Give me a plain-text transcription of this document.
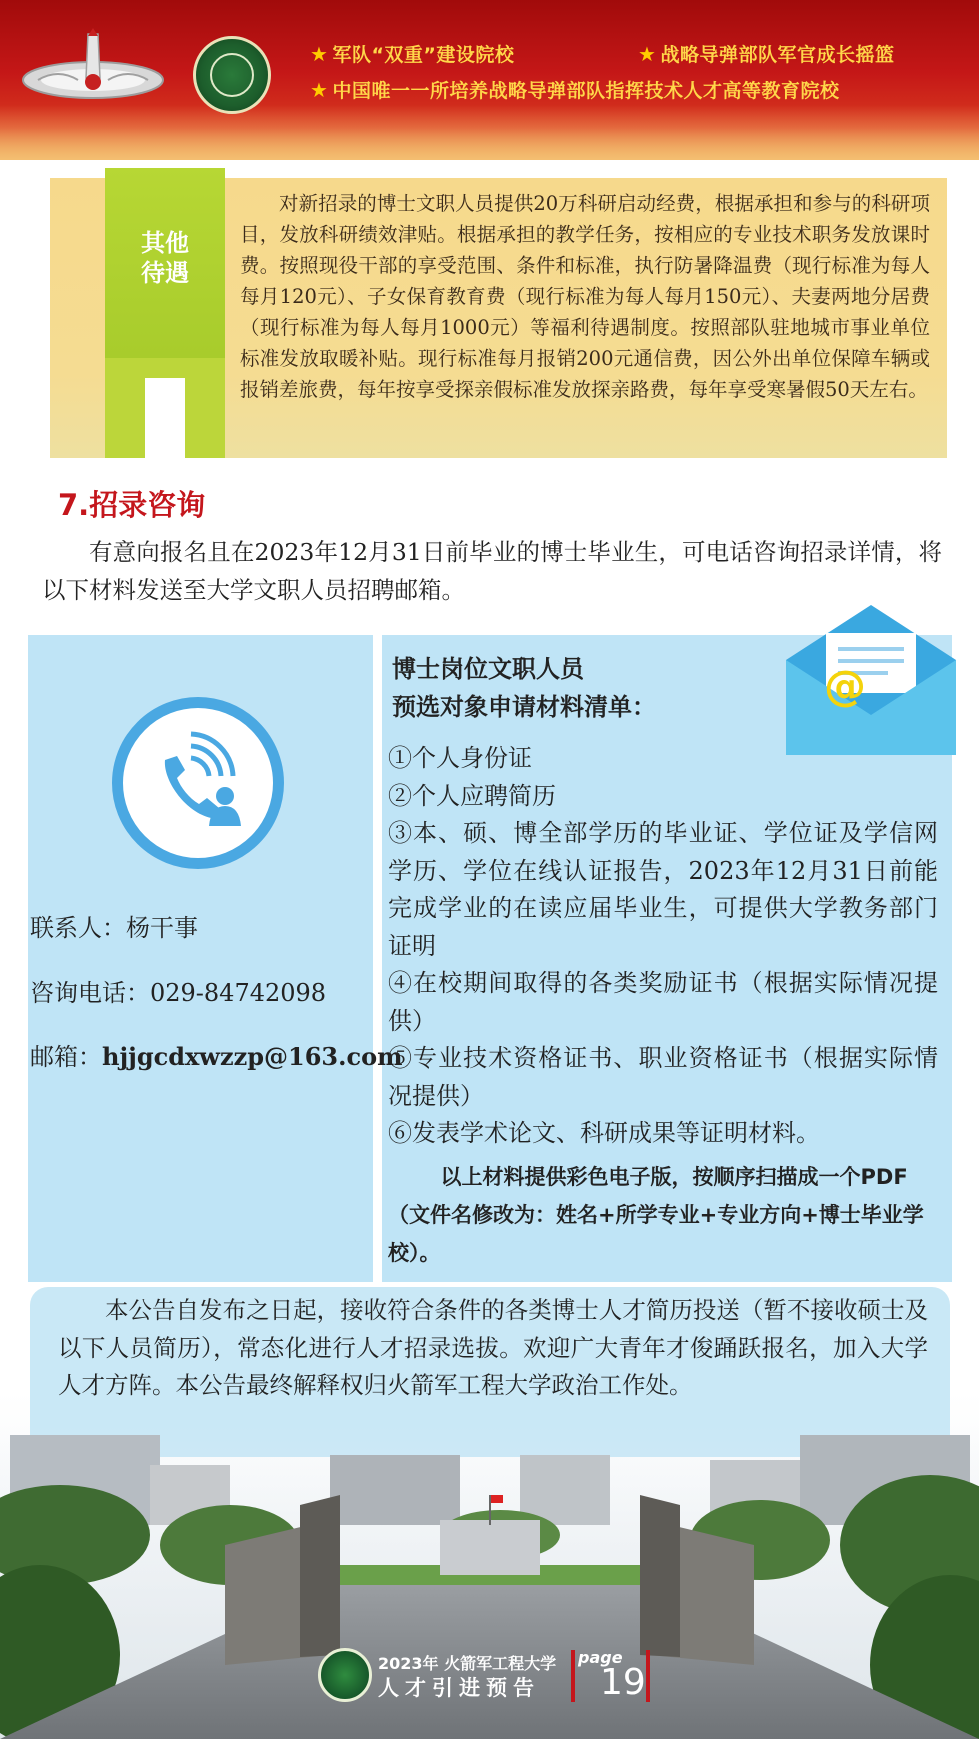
★ 军队“双重”建设院校	★ 战略导弹部队军官成长摇篮
★ 中国唯一一所培养战略导弹部队指挥技术人才高等教育院校
其他
待遇
对新招录的博士文职人员提供20万科研启动经费，根据承担和参与的科研项目，发放科研绩效津贴。根据承担的教学任务，按相应的专业技术职务发放课时费。按照现役干部的享受范围、条件和标准，执行防暑降温费（现行标准为每人每月120元）、子女保育教育费（现行标准为每人每月150元）、夫妻两地分居费（现行标准为每人每月1000元）等福利待遇制度。按照部队驻地城市事业单位标准发放取暖补贴。现行标准每月报销200元通信费，因公外出单位保障车辆或报销差旅费，每年按享受探亲假标准发放探亲路费，每年享受寒暑假50天左右。
7.招录咨询
有意向报名且在2023年12月31日前毕业的博士毕业生，可电话咨询招录详情，将以下材料发送至大学文职人员招聘邮箱。
联系人：杨干事
咨询电话：029-84742098
邮箱：hjjgcdxwzzp@163.com
@
博士岗位文职人员
预选对象申请材料清单：
①个人身份证
②个人应聘简历
③本、硕、博全部学历的毕业证、学位证及学信网学历、学位在线认证报告，2023年12月31日前能完成学业的在读应届毕业生，可提供大学教务部门证明
④在校期间取得的各类奖励证书（根据实际情况提供）
⑤专业技术资格证书、职业资格证书（根据实际情况提供）
⑥发表学术论文、科研成果等证明材料。
以上材料提供彩色电子版，按顺序扫描成一个PDF（文件名修改为：姓名+所学专业+专业方向+博士毕业学校）。
本公告自发布之日起，接收符合条件的各类博士人才简历投送（暂不接收硕士及以下人员简历），常态化进行人才招录选拔。欢迎广大青年才俊踊跃报名，加入大学人才方阵。本公告最终解释权归火箭军工程大学政治工作处。
2023年 火箭军工程大学
人才引进预告
page
19
